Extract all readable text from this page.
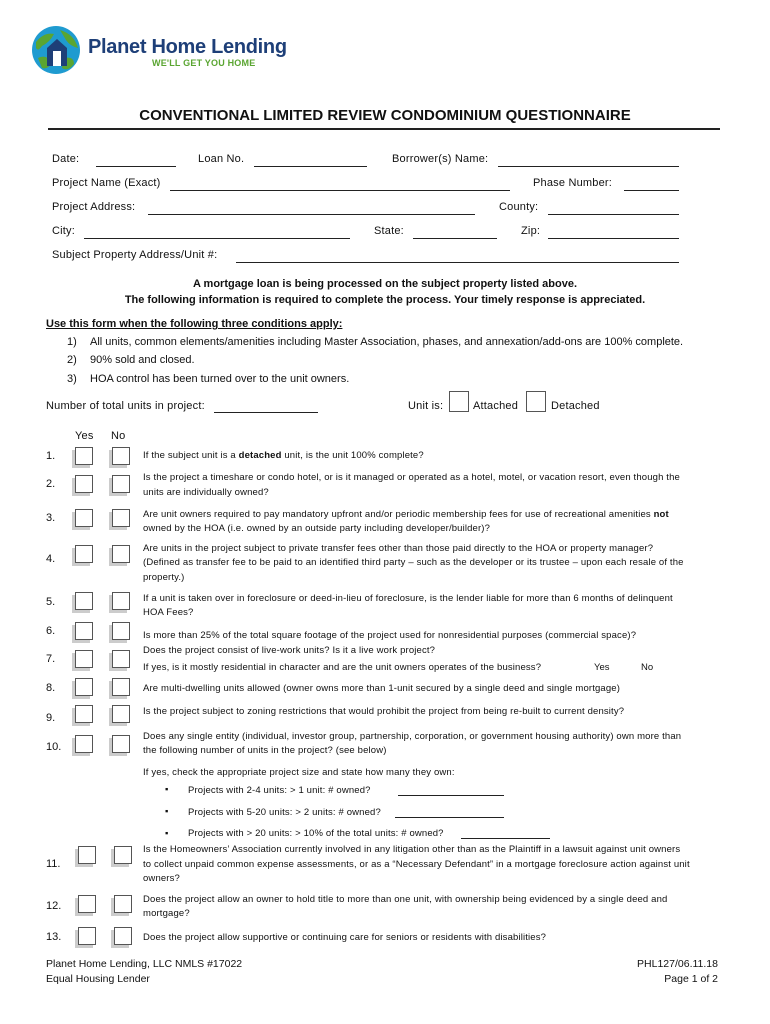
Planet Home Lending
WE'LL GET YOU HOME
CONVENTIONAL LIMITED REVIEW CONDOMINIUM QUESTIONNAIRE
Date:	Loan No.	Borrower(s) Name:
Project Name (Exact)	Phase Number:
Project Address:	County:
City:	State:	Zip:
Subject Property Address/Unit #:
A mortgage loan is being processed on the subject property listed above.
The following information is required to complete the process. Your timely response is appreciated.
Use this form when the following three conditions apply:
1) All units, common elements/amenities including Master Association, phases, and annexation/add-ons are 100% complete.
2) 90% sold and closed.
3) HOA control has been turned over to the unit owners.
Number of total units in project:	Unit is:	Attached	Detached
Yes No
1.	If the subject unit is a detached unit, is the unit 100% complete?
2.
Is the project a timeshare or condo hotel, or is it managed or operated as a hotel, motel, or vacation resort, even though the
units are individually owned?
3.	Are unit owners required to pay mandatory upfront and/or periodic membership fees for use of recreational amenities not
owned by the HOA (i.e. owned by an outside party including developer/builder)?
4.
Are units in the project subject to private transfer fees other than those paid directly to the HOA or property manager?
(Defined as transfer fee to be paid to an identified third party – such as the developer or its trustee – upon each resale of the
property.)
5.	If a unit is taken over in foreclosure or deed-in-lieu of foreclosure, is the lender liable for more than 6 months of delinquent
HOA Fees?
6.	Is more than 25% of the total square footage of the project used for nonresidential purposes (commercial space)?
7.
Does the project consist of live-work units? Is it a live work project?
If yes, is it mostly residential in character and are the unit owners operates of the business?	Yes	No
8.	Are multi-dwelling units allowed (owner owns more than 1-unit secured by a single deed and single mortgage)
9.
Is the project subject to zoning restrictions that would prohibit the project from being re-built to current density?
10.
Does any single entity (individual, investor group, partnership, corporation, or government housing authority) own more than
the following number of units in the project? (see below)
If yes, check the appropriate project size and state how many they own:
▪ Projects with 2-4 units: > 1 unit: # owned?
▪ Projects with 5-20 units: > 2 units: # owned?
▪ Projects with > 20 units: > 10% of the total units: # owned?
11.
Is the Homeowners’ Association currently involved in any litigation other than as the Plaintiff in a lawsuit against unit owners
to collect unpaid common expense assessments, or as a “Necessary Defendant” in a mortgage foreclosure action against unit
owners?
12.
Does the project allow an owner to hold title to more than one unit, with ownership being evidenced by a single deed and
mortgage?
13.	Does the project allow supportive or continuing care for seniors or residents with disabilities?
Planet Home Lending, LLC NMLS #17022
Equal Housing Lender
PHL127/06.11.18
Page 1 of 2
